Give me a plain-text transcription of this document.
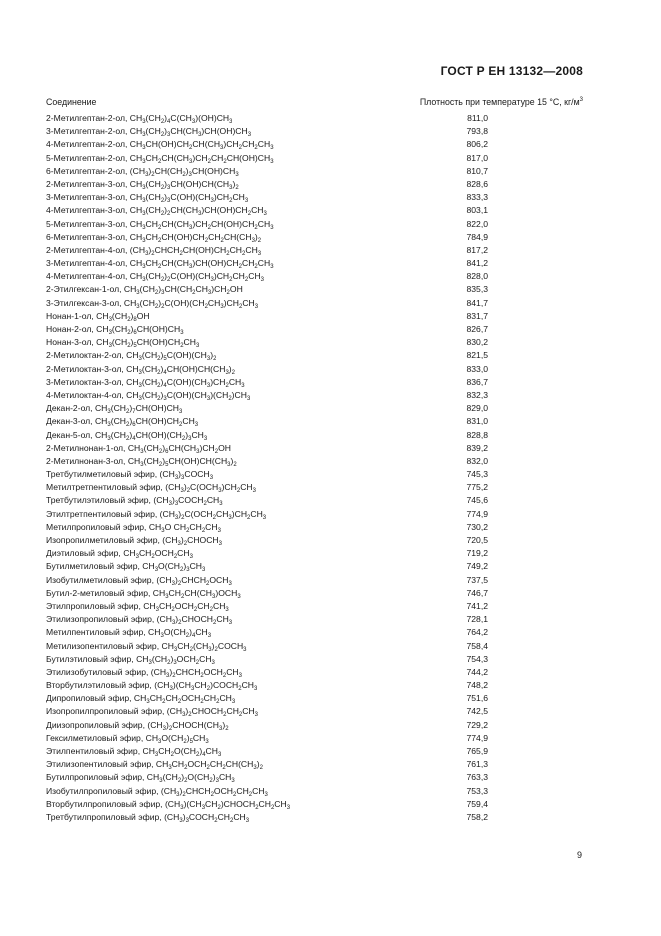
ГОСТ Р ЕН 13132—2008
Соединение	Плотность при температуре 15 °С, $кг/м^3$
2-Метилгептан-2-ол, $CH_3(CH_2)_4C(CH_3)(OH)CH_3$	811,0
3-Метилгептан-2-ол, $CH_3(CH_2)_3CH(CH_3)CH(OH)CH_3$	793,8
4-Метилгептан-2-ол, $CH_3CH(OH)CH_2CH(CH_3)CH_2CH_2CH_3$	806,2
5-Метилгептан-2-ол, $CH_3CH_2CH(CH_3)CH_2CH_2CH(OH)CH_3$	817,0
6-Метилгептан-2-ол, $(CH_3)_2CH(CH_2)_3CH(OH)CH_3$	810,7
2-Метилгептан-3-ол, $CH_3(CH_2)_3CH(OH)CH(CH_3)_2$	828,6
3-Метилгептан-3-ол, $CH_3(CH_2)_3C(OH)(CH_3)CH_2CH_3$	833,3
4-Метилгептан-3-ол, $CH_3(CH_2)_2CH(CH_3)CH(OH)CH_2CH_3$	803,1
5-Метилгептан-3-ол, $CH_3CH_2CH(CH_3)CH_2CH(OH)CH_2CH_3$	822,0
6-Метилгептан-3-ол, $CH_3CH_2CH(OH)CH_2CH_2CH(CH_3)_2$	784,9
2-Метилгептан-4-ол, $(CH_3)_2CHCH_2CH(OH)CH_2CH_2CH_3$	817,2
3-Метилгептан-4-ол, $CH_3CH_2CH(CH_3)CH(OH)CH_2CH_2CH_3$	841,2
4-Метилгептан-4-ол, $CH_3(CH_2)_2C(OH)(CH_3)CH_2CH_2CH_3$	828,0
2-Этилгексан-1-ол, $CH_3(CH_2)_3CH(CH_2CH_3)CH_2OH$	835,3
3-Этилгексан-3-ол, $CH_3(CH_2)_2C(OH)(CH_2CH_3)CH_2CH_3$	841,7
Нонан-1-ол, $CH_3(CH_2)_8OH$	831,7
Нонан-2-ол, $CH_3(CH_2)_6CH(OH)CH_3$	826,7
Нонан-3-ол, $CH_3(CH_2)_5CH(OH)CH_2CH_3$	830,2
2-Метилоктан-2-ол, $CH_3(CH_2)_5C(OH)(CH_3)_2$	821,5
2-Метилоктан-3-ол, $CH_3(CH_2)_4CH(OH)CH(CH_3)_2$	833,0
3-Метилоктан-3-ол, $CH_3(CH_2)_4C(OH)(CH_3)CH_2CH_3$	836,7
4-Метилоктан-4-ол, $CH_3(CH_2)_3C(OH)(CH_3)(CH_2)CH_3$	832,3
Декан-2-ол, $CH_3(CH_2)_7CH(OH)CH_3$	829,0
Декан-3-ол, $CH_3(CH_2)_6CH(OH)CH_2CH_3$	831,0
Декан-5-ол, $CH_3(CH_2)_4CH(OH)(CH_2)_3CH_3$	828,8
2-Метилнонан-1-ол, $CH_3(CH_2)_6CH(CH_3)CH_2OH$	839,2
2-Метилнонан-3-ол, $CH_3(CH_2)_5CH(OH)CH(CH_3)_2$	832,0
Третбутилметиловый эфир, $(CH_3)_3COCH_3$	745,3
Метилтретпентиловый эфир, $(CH_3)_2C(OCH_3)CH_2CH_3$	775,2
Третбутилэтиловый эфир, $(CH_3)_3COCH_2CH_3$	745,6
Этилтретпентиловый эфир, $(CH_3)_2C(OCH_2CH_3)CH_2CH_3$	774,9
Метилпропиловый эфир, $CH_3O$ $CH_2CH_2CH_3$	730,2
Изопропилметиловый эфир, $(CH_3)_2CHOCH_3$	720,5
Диэтиловый эфир, $CH_3CH_2OCH_2CH_3$	719,2
Бутилметиловый эфир, $CH_3O(CH_2)_3CH_3$	749,2
Изобутилметиловый эфир, $(CH_3)_2CHCH_2OCH_3$	737,5
Бутил-2-метиловый эфир, $CH_3CH_2CH(CH_3)OCH_3$	746,7
Этилпропиловый эфир, $CH_3CH_2OCH_2CH_2CH_3$	741,2
Этилизопропиловый эфир, $(CH_3)_2CHOCH_2CH_3$	728,1
Метилпентиловый эфир, $CH_3O(CH_2)_4CH_3$	764,2
Метилизопентиловый эфир, $CH_3CH_2(CH_3)_2COCH_3$	758,4
Бутилэтиловый эфир, $CH_3(CH_2)_3OCH_2CH_3$	754,3
Этилизобутиловый эфир, $(CH_3)_2CHCH_2OCH_2CH_3$	744,2
Вторбутилэтиловый эфир, $(CH_3)(CH_3CH_2)COCH_2CH_3$	748,2
Дипропиловый эфир, $CH_3CH_2CH_2OCH_2CH_2CH_3$	751,6
Изопропилпропиловый эфир, $(CH_3)_2CHOCH_2CH_2CH_3$	742,5
Диизопропиловый эфир, $(CH_3)_2CHOCH(CH_3)_2$	729,2
Гексилметиловый эфир, $CH_3O(CH_2)_5CH_3$	774,9
Этилпентиловый эфир, $CH_3CH_2O(CH_2)_4CH_3$	765,9
Этилизопентиловый эфир, $CH_3CH_2OCH_2CH_2CH(CH_3)_2$	761,3
Бутилпропиловый эфир, $CH_3(CH_2)_2O(CH_2)_3CH_3$	763,3
Изобутилпропиловый эфир, $(CH_3)_2CHCH_2OCH_2CH_2CH_3$	753,3
Вторбутилпропиловый эфир, $(CH_3)(CH_3CH_2)CHOCH_2CH_2CH_3$	759,4
Третбутилпропиловый эфир, $(CH_3)_3COCH_2CH_2CH_3$	758,2
9
